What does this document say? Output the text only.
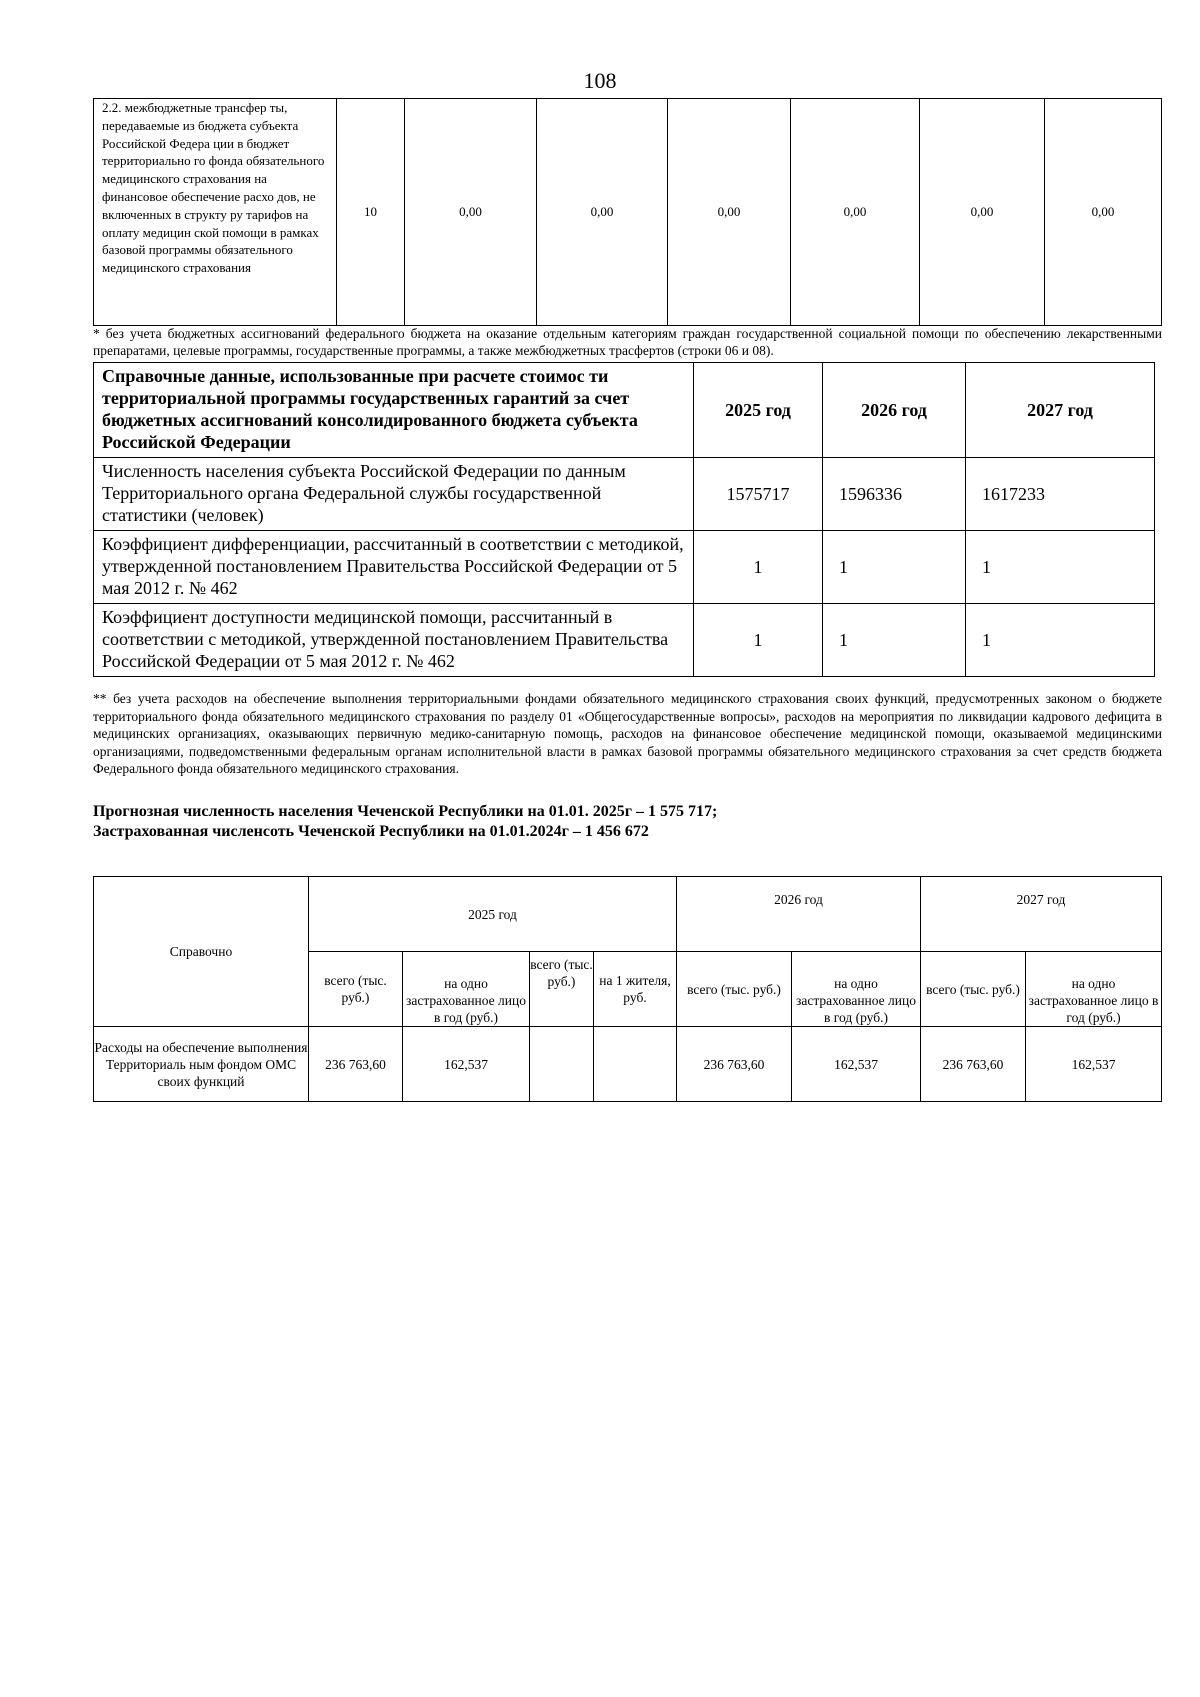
108
2.2. межбюджетные трансфер ты, передаваемые из бюджета субъекта Российской Федера ции в бюджет территориально го фонда обязательного медицинского страхования на финансовое обеспечение расхо дов, не включенных в структу ру тарифов на оплату медицин ской помощи в рамках базовой программы обязательного медицинского страхования	10	0,00	0,00	0,00	0,00	0,00	0,00
* без учета бюджетных ассигнований федерального бюджета на оказание отдельным категориям граждан государственной социальной помощи по обеспечению лекарственными препаратами, целевые программы, государственные программы, а также межбюджетных трасфертов (строки 06 и 08).
Справочные данные, использованные при расчете стоимос ти территориальной программы государственных гарантий за счет бюджетных ассигнований консолидированного бюджета субъекта Российской Федерации	2025 год	2026 год	2027 год
Численность населения субъекта Российской Федерации по данным Территориального органа Федеральной службы государственной статистики (человек)	1575717	1596336	1617233
Коэффициент дифференциации, рассчитанный в соответствии с методикой, утвержденной постановлением Правительства Российской Федерации от 5 мая 2012 г. № 462	1	1	1
Коэффициент доступности медицинской помощи, рассчитанный в соответствии с методикой, утвержденной постановлением Правительства Российской Федерации от 5 мая 2012 г. № 462	1	1	1
** без учета расходов на обеспечение выполнения территориальными фондами обязательного медицинского страхования своих функций, предусмотренных законом о бюджете территориального фонда обязательного медицинского страхования по разделу 01 «Общегосударственные вопросы», расходов на мероприятия по ликвидации кадрового дефицита в медицинских организациях, оказывающих первичную медико-санитарную помощь, расходов на финансовое обеспечение медицинской помощи, оказываемой медицинскими организациями, подведомственными федеральным органам исполнительной власти в рамках базовой программы обязательного медицинского страхования за счет средств бюджета Федерального фонда обязательного медицинского страхования.
Прогнозная численность населения Чеченской Республики на 01.01. 2025г – 1 575 717;
Застрахованная численсоть Чеченской Республики на 01.01.2024г – 1 456 672
Справочно	2025 год				2026 год		2027 год	
	всего (тыс. руб.)	на одно застрахованное лицо в год (руб.)	всего (тыс. руб.)	на 1 жителя, руб.	всего (тыс. руб.)	на одно застрахованное лицо в год (руб.)	всего (тыс. руб.)	на одно застрахованное лицо в год (руб.)
Расходы на обеспечение выполнения Территориаль ным фондом ОМС своих функций	236 763,60	162,537			236 763,60	162,537	236 763,60	162,537
